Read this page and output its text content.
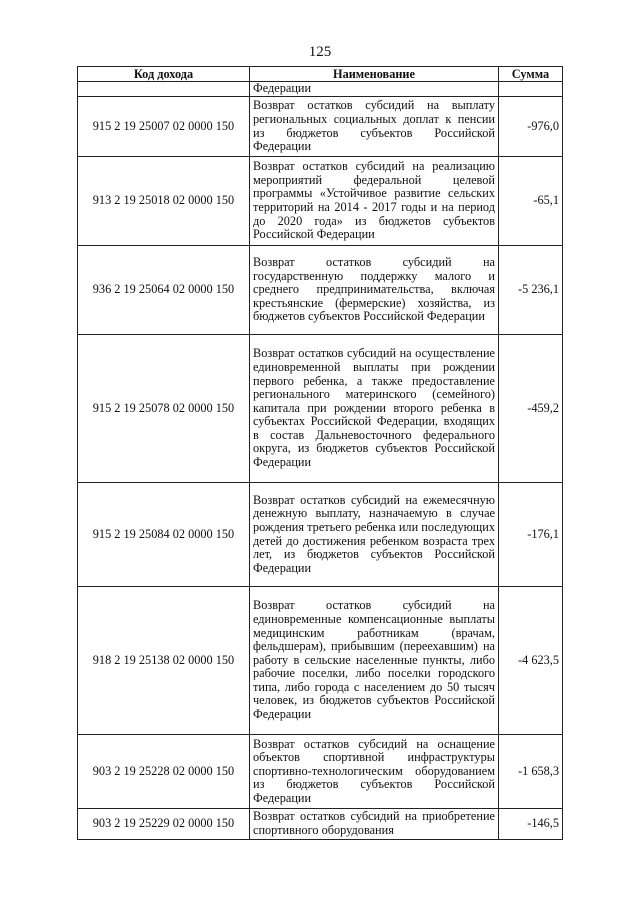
125
Код дохода	Наименование	Сумма
	Федерации	
915 2 19 25007 02 0000 150	Возврат остатков субсидий на выплату региональных социальных доплат к пенсии из бюджетов субъектов Российской Федерации	-976,0
913 2 19 25018 02 0000 150	Возврат остатков субсидий на реализацию мероприятий федеральной целевой программы «Устойчивое развитие сельских территорий на 2014 - 2017 годы и на период до 2020 года» из бюджетов субъектов Российской Федерации	-65,1
936 2 19 25064 02 0000 150	Возврат остатков субсидий на государственную поддержку малого и среднего предпринимательства, включая крестьянские (фермерские) хозяйства, из бюджетов субъектов Российской Федерации	-5 236,1
915 2 19 25078 02 0000 150	Возврат остатков субсидий на осуществление единовременной выплаты при рождении первого ребенка, а также предоставление регионального материнского (семейного) капитала при рождении второго ребенка в субъектах Российской Федерации, входящих в состав Дальневосточного федерального округа, из бюджетов субъектов Российской Федерации	-459,2
915 2 19 25084 02 0000 150	Возврат остатков субсидий на ежемесячную денежную выплату, назначаемую в случае рождения третьего ребенка или последующих детей до достижения ребенком возраста трех лет, из бюджетов субъектов Российской Федерации	-176,1
918 2 19 25138 02 0000 150	Возврат остатков субсидий на единовременные компенсационные выплаты медицинским работникам (врачам, фельдшерам), прибывшим (переехавшим) на работу в сельские населенные пункты, либо рабочие поселки, либо поселки городского типа, либо города с населением до 50 тысяч человек, из бюджетов субъектов Российской Федерации	-4 623,5
903 2 19 25228 02 0000 150	Возврат остатков субсидий на оснащение объектов спортивной инфраструктуры спортивно-технологическим оборудованием из бюджетов субъектов Российской Федерации	-1 658,3
903 2 19 25229 02 0000 150	Возврат остатков субсидий на приобретение спортивного оборудования	-146,5
